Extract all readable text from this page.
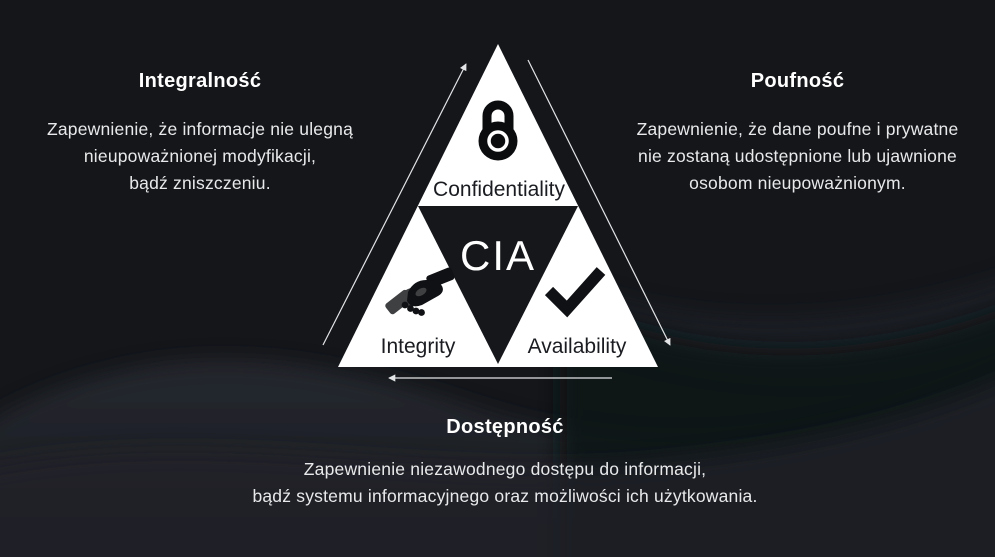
Confidentiality
CIA
Integrity	Availability
Integralność
Zapewnienie, że informacje nie ulegną
nieupoważnionej modyfikacji,
bądź zniszczeniu.
Poufność
Zapewnienie, że dane poufne i prywatne
nie zostaną udostępnione lub ujawnione
osobom nieupoważnionym.
Dostępność
Zapewnienie niezawodnego dostępu do informacji,
bądź systemu informacyjnego oraz możliwości ich użytkowania.
